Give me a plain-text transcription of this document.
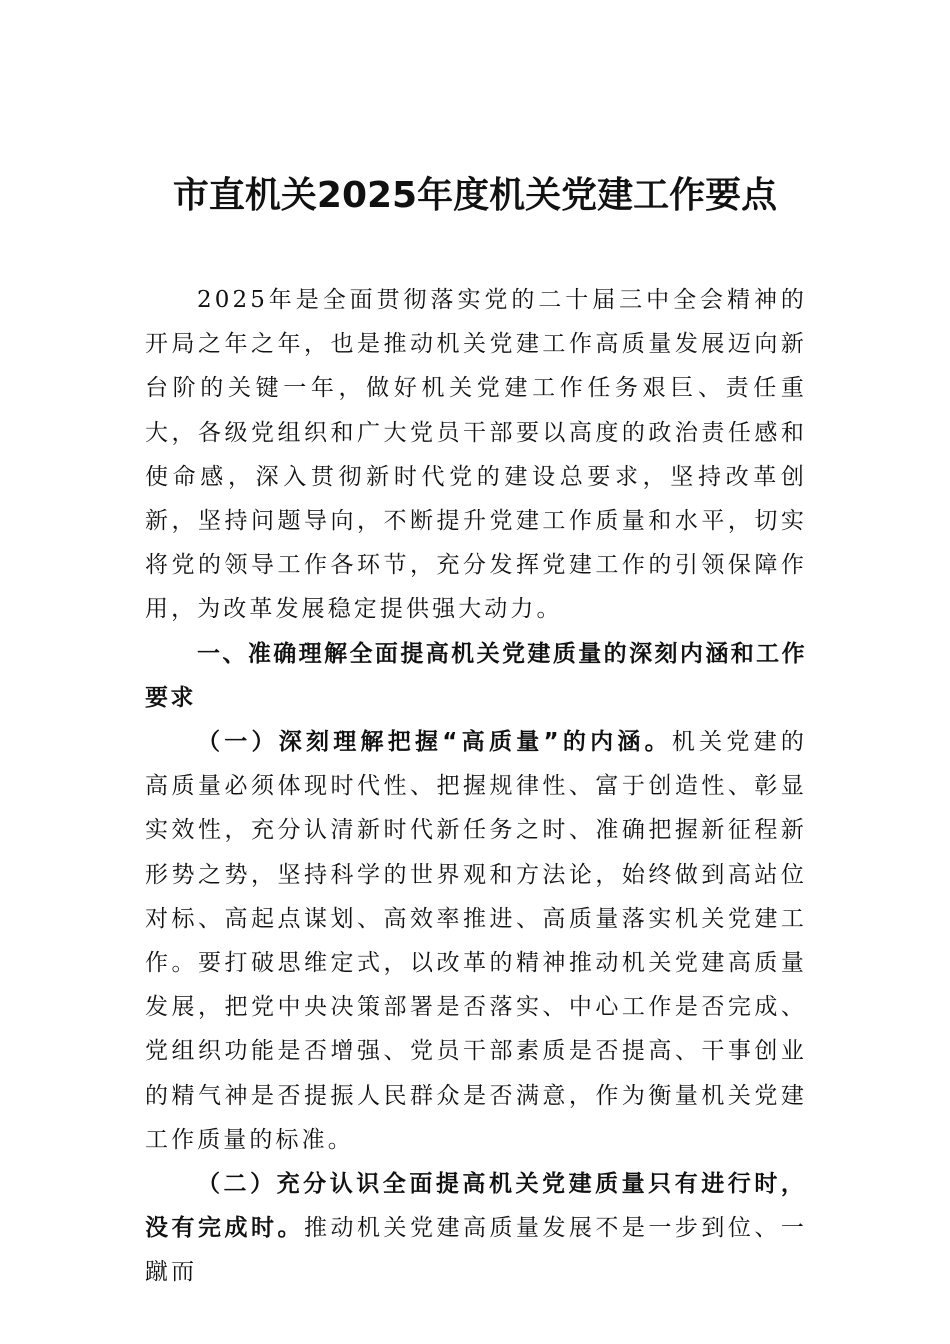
市直机关2025年度机关党建工作要点

2025年是全面贯彻落实党的二十届三中全会精神的开局之年之年，也是推动机关党建工作高质量发展迈向新台阶的关键一年，做好机关党建工作任务艰巨、责任重大，各级党组织和广大党员干部要以高度的政治责任感和使命感，深入贯彻新时代党的建设总要求，坚持改革创新，坚持问题导向，不断提升党建工作质量和水平，切实将党的领导工作各环节，充分发挥党建工作的引领保障作用，为改革发展稳定提供强大动力。

一、准确理解全面提高机关党建质量的深刻内涵和工作要求

（一）深刻理解把握“高质量”的内涵。机关党建的高质量必须体现时代性、把握规律性、富于创造性、彰显实效性，充分认清新时代新任务之时、准确把握新征程新形势之势，坚持科学的世界观和方法论，始终做到高站位对标、高起点谋划、高效率推进、高质量落实机关党建工作。要打破思维定式，以改革的精神推动机关党建高质量发展，把党中央决策部署是否落实、中心工作是否完成、党组织功能是否增强、党员干部素质是否提高、干事创业的精气神是否提振人民群众是否满意，作为衡量机关党建工作质量的标准。

（二）充分认识全面提高机关党建质量只有进行时，没有完成时。推动机关党建高质量发展不是一步到位、一蹴而
